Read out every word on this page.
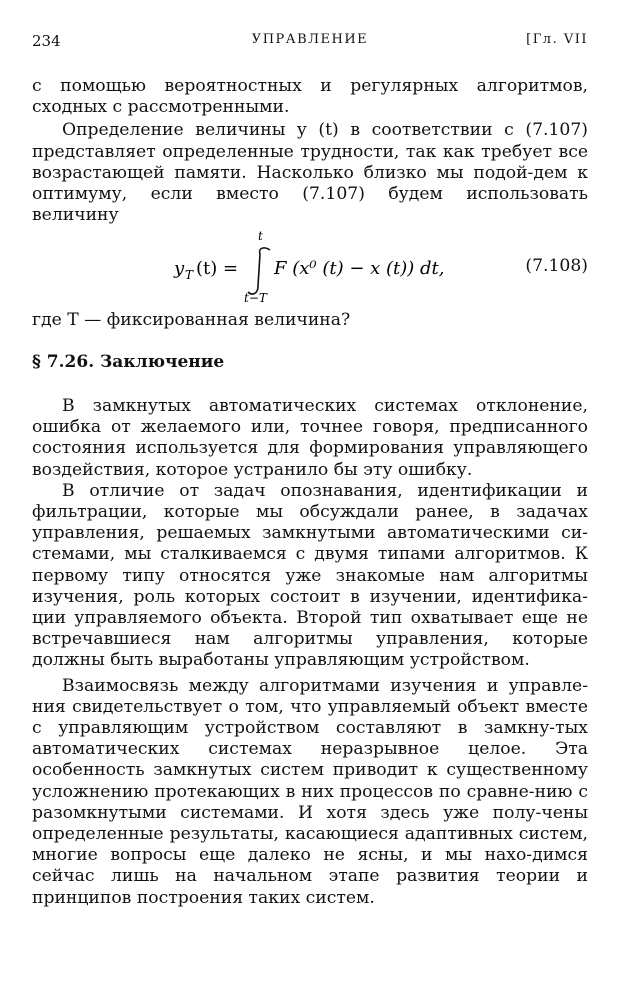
234	УПРАВЛЕНИЕ	[Гл. VII

с помощью вероятностных и регулярных алгоритмов,

сходных с рассмотренными.

Определение величины y (t) в соответствии с (7.107) представляет определенные трудности, так как требует все возрастающей памяти. Насколько близко мы подой-дем к оптимуму, если вместо (7.107) будем использовать величину

y T (t) =
t
t−T
F (x⁰ (t) − x (t)) dt,	(7.108)

где T — фиксированная величина?

§ 7.26. Заключение

В замкнутых автоматических системах отклонение, ошибка от желаемого или, точнее говоря, предписанного состояния используется для формирования управляющего воздействия, которое устранило бы эту ошибку.

В отличие от задач опознавания, идентификации и фильтрации, которые мы обсуждали ранее, в задачах управления, решаемых замкнутыми автоматическими си-стемами, мы сталкиваемся с двумя типами алгоритмов. К первому типу относятся уже знакомые нам алгоритмы изучения, роль которых состоит в изучении, идентифика-ции управляемого объекта. Второй тип охватывает еще не встречавшиеся нам алгоритмы управления, которые должны быть выработаны управляющим устройством.

Взаимосвязь между алгоритмами изучения и управле-ния свидетельствует о том, что управляемый объект вместе с управляющим устройством составляют в замкну-тых автоматических системах неразрывное целое. Эта особенность замкнутых систем приводит к существенному усложнению протекающих в них процессов по сравне-нию с разомкнутыми системами. И хотя здесь уже полу-чены определенные результаты, касающиеся адаптивных систем, многие вопросы еще далеко не ясны, и мы нахо-димся сейчас лишь на начальном этапе развития теории и принципов построения таких систем.
